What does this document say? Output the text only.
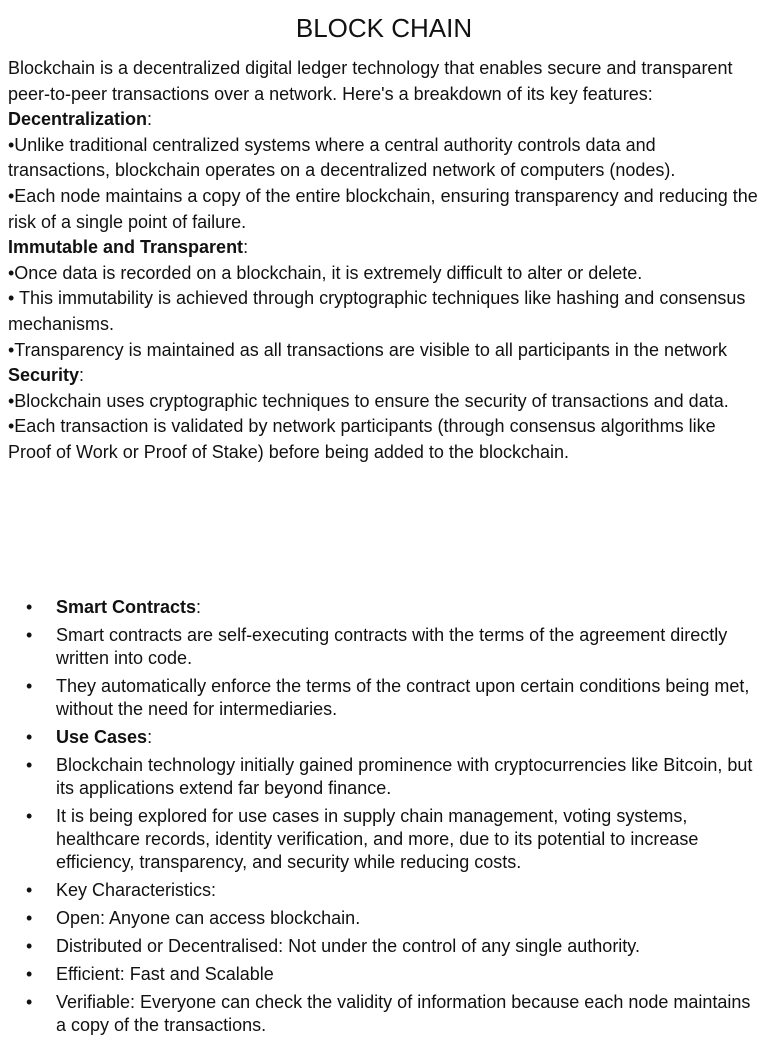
BLOCK CHAIN

Blockchain is a decentralized digital ledger technology that enables secure and transparent peer-to-peer transactions over a network. Here's a breakdown of its key features:

Decentralization:

•Unlike traditional centralized systems where a central authority controls data and transactions, blockchain operates on a decentralized network of computers (nodes).

•Each node maintains a copy of the entire blockchain, ensuring transparency and reducing the risk of a single point of failure.

Immutable and Transparent:

•Once data is recorded on a blockchain, it is extremely difficult to alter or delete.

• This immutability is achieved through cryptographic techniques like hashing and consensus mechanisms.

•Transparency is maintained as all transactions are visible to all participants in the network

Security:

•Blockchain uses cryptographic techniques to ensure the security of transactions and data.

•Each transaction is validated by network participants (through consensus algorithms like Proof of Work or Proof of Stake) before being added to the blockchain.

•	Smart Contracts:
•	Smart contracts are self-executing contracts with the terms of the agreement directly written into code.
•	They automatically enforce the terms of the contract upon certain conditions being met, without the need for intermediaries.
•	Use Cases:
•	Blockchain technology initially gained prominence with cryptocurrencies like Bitcoin, but its applications extend far beyond finance.
•	It is being explored for use cases in supply chain management, voting systems, healthcare records, identity verification, and more, due to its potential to increase efficiency, transparency, and security while reducing costs.
•	Key Characteristics:
•	Open: Anyone can access blockchain.
•	Distributed or Decentralised: Not under the control of any single authority.
•	Efficient: Fast and Scalable
•	Verifiable: Everyone can check the validity of information because each node maintains a copy of the transactions.
